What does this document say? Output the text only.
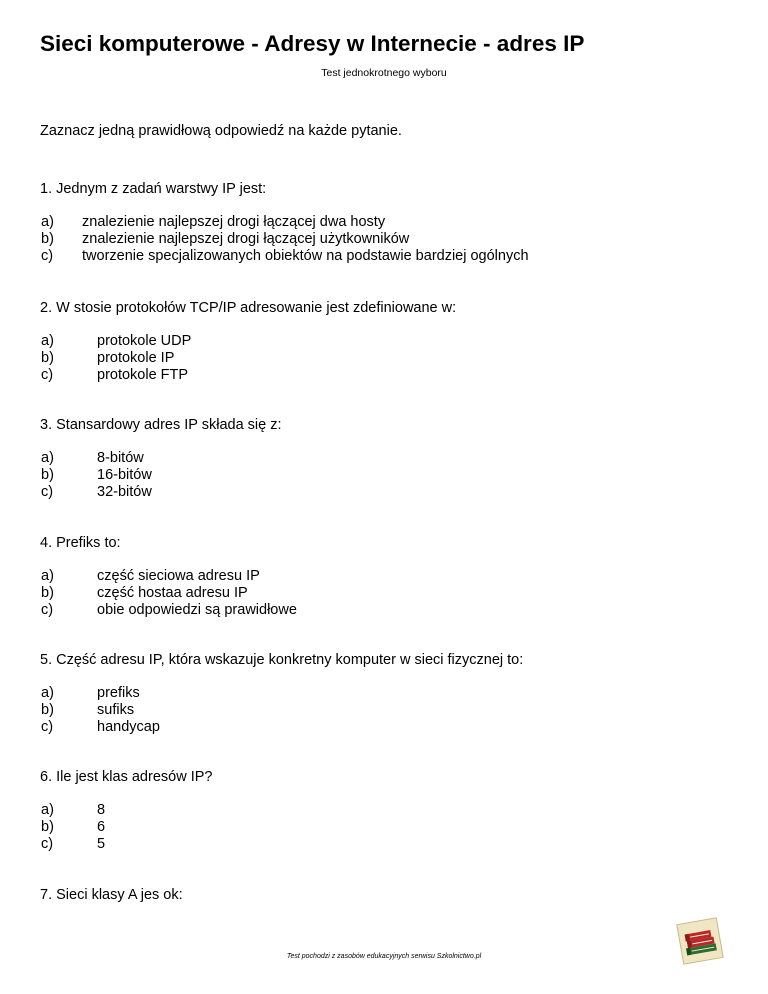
Sieci komputerowe - Adresy w Internecie - adres IP
Test jednokrotnego wyboru
Zaznacz jedną prawidłową odpowiedź na każde pytanie.
1. Jednym z zadań warstwy IP jest:
a) znalezienie najlepszej drogi łączącej dwa hosty
b) znalezienie najlepszej drogi łączącej użytkowników
c) tworzenie specjalizowanych obiektów na podstawie bardziej ogólnych
2. W stosie protokołów TCP/IP adresowanie jest zdefiniowane w:
a)	protokole UDP
b)	protokole IP
c)	protokole FTP
3. Stansardowy adres IP składa się z:
a)	8-bitów
b)	16-bitów
c)	32-bitów
4. Prefiks to:
a)	część sieciowa adresu IP
b)	część hostaa adresu IP
c)	obie odpowiedzi są prawidłowe
5. Część adresu IP, która wskazuje konkretny komputer w sieci fizycznej to:
a)	prefiks
b)	sufiks
c)	handycap
6. Ile jest klas adresów IP?
a)	8
b)	6
c)	5
7. Sieci klasy A jes ok:
Test pochodzi z zasobów edukacyjnych serwisu Szkolnictwo.pl
